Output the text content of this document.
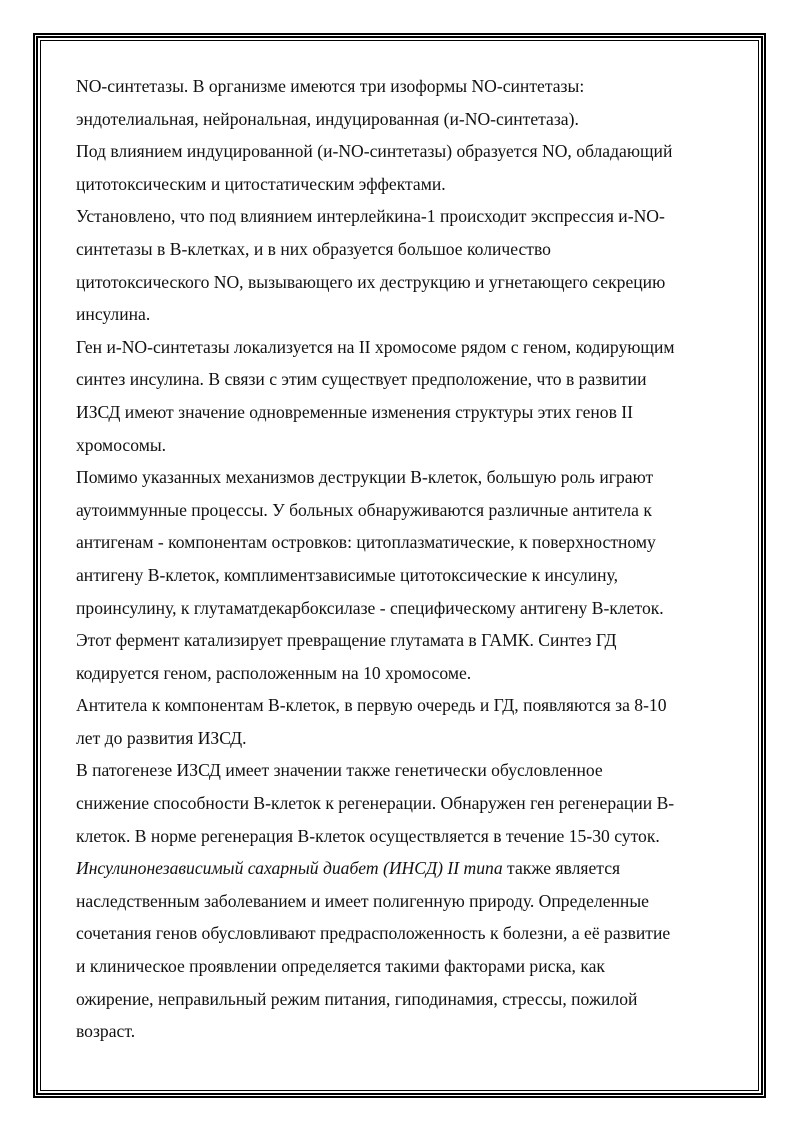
NO-синтетазы. В организме имеются три изоформы NO-синтетазы:
эндотелиальная, нейрональная, индуцированная (и-NO-синтетаза).
Под влиянием индуцированной (и-NO-синтетазы) образуется NO, обладающий
цитотоксическим и цитостатическим эффектами.
Установлено, что под влиянием интерлейкина-1 происходит экспрессия и-NO-
синтетазы в B-клетках, и в них образуется большое количество
цитотоксического NO, вызывающего их деструкцию и угнетающего секрецию
инсулина.
Ген и-NO-синтетазы локализуется на II хромосоме рядом с геном, кодирующим
синтез инсулина. В связи с этим существует предположение, что в развитии
ИЗСД имеют значение одновременные изменения структуры этих генов II
хромосомы.
Помимо указанных механизмов деструкции B-клеток, большую роль играют
аутоиммунные процессы. У больных обнаруживаются различные антитела к
антигенам - компонентам островков: цитоплазматические, к поверхностному
антигену B-клеток, комплиментзависимые цитотоксические к инсулину,
проинсулину, к глутаматдекарбоксилазе - специфическому антигену B-клеток.
Этот фермент катализирует превращение глутамата в ГАМК. Синтез ГД
кодируется геном, расположенным на 10 хромосоме.
Антитела к компонентам B-клеток, в первую очередь и ГД, появляются за 8-10
лет до развития ИЗСД.
В патогенезе ИЗСД имеет значении также генетически обусловленное
снижение способности B-клеток к регенерации. Обнаружен ген регенерации B-
клеток. В норме регенерация B-клеток осуществляется в течение 15-30 суток.
Инсулинонезависимый сахарный диабет (ИНСД) II типа также является
наследственным заболеванием и имеет полигенную природу. Определенные
сочетания генов обусловливают предрасположенность к болезни, а её развитие
и клиническое проявлении определяется такими факторами риска, как
ожирение, неправильный режим питания, гиподинамия, стрессы, пожилой
возраст.
